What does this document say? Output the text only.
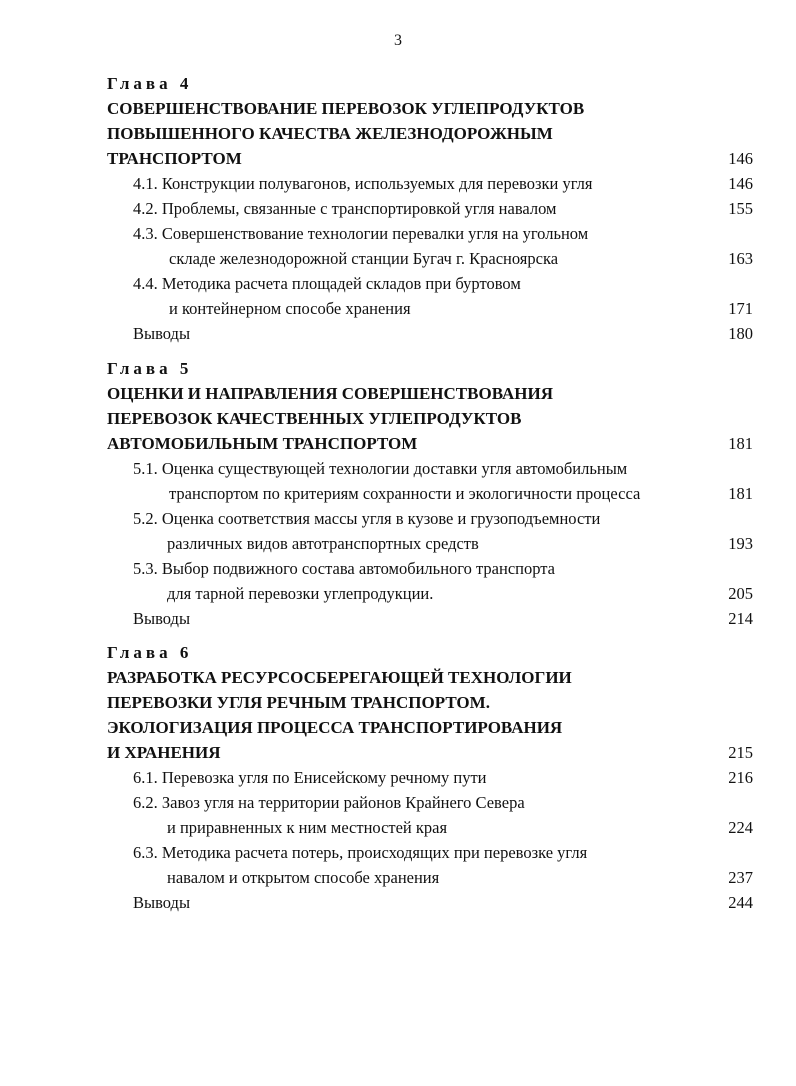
3
Глава 4
СОВЕРШЕНСТВОВАНИЕ ПЕРЕВОЗОК УГЛЕПРОДУКТОВ
ПОВЫШЕННОГО КАЧЕСТВА ЖЕЛЕЗНОДОРОЖНЫМ
ТРАНСПОРТОМ	146
4.1. Конструкции полувагонов, используемых для перевозки угля	146
4.2. Проблемы, связанные с транспортировкой угля навалом	155
4.3. Совершенствование технологии перевалки угля на угольном
складе железнодорожной станции Бугач г. Красноярска	163
4.4. Методика расчета площадей складов при буртовом
и контейнерном способе хранения	171
Выводы	180
Глава 5
ОЦЕНКИ И НАПРАВЛЕНИЯ СОВЕРШЕНСТВОВАНИЯ
ПЕРЕВОЗОК КАЧЕСТВЕННЫХ УГЛЕПРОДУКТОВ
АВТОМОБИЛЬНЫМ ТРАНСПОРТОМ	181
5.1. Оценка существующей технологии доставки угля автомобильным
транспортом по критериям сохранности и экологичности процесса	181
5.2. Оценка соответствия массы угля в кузове и грузоподъемности
различных видов автотранспортных средств	193
5.3. Выбор подвижного состава автомобильного транспорта
для тарной перевозки углепродукции.	205
Выводы	214
Глава 6
РАЗРАБОТКА РЕСУРСОСБЕРЕГАЮЩЕЙ ТЕХНОЛОГИИ
ПЕРЕВОЗКИ УГЛЯ РЕЧНЫМ ТРАНСПОРТОМ.
ЭКОЛОГИЗАЦИЯ ПРОЦЕССА ТРАНСПОРТИРОВАНИЯ
И ХРАНЕНИЯ	215
6.1. Перевозка угля по Енисейскому речному пути	216
6.2. Завоз угля на территории районов Крайнего Севера
и приравненных к ним местностей края	224
6.3. Методика расчета потерь, происходящих при перевозке угля
навалом и открытом способе хранения	237
Выводы	244
